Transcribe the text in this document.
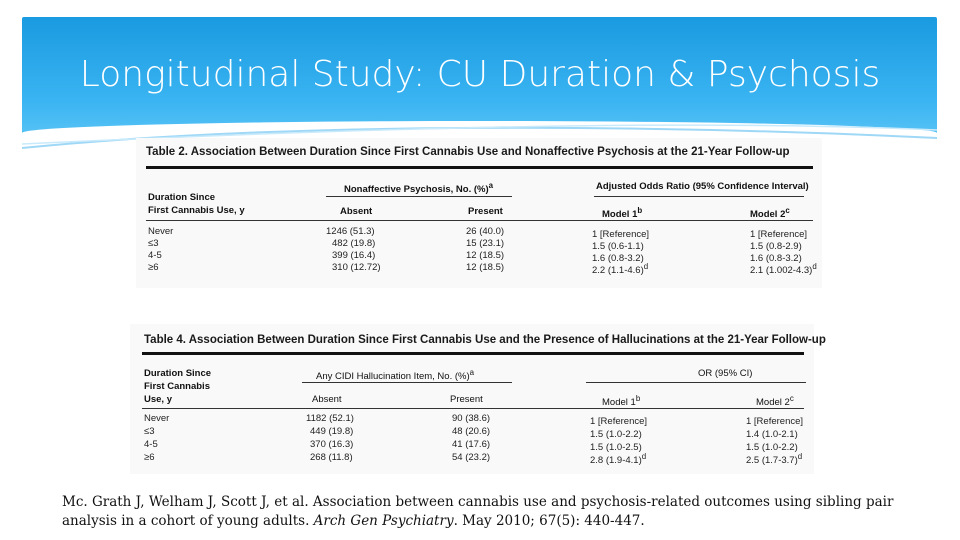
Longitudinal Study: CU Duration & Psychosis
Table 2. Association Between Duration Since First Cannabis Use and Nonaffective Psychosis at the 21-Year Follow-up
Duration Since
First Cannabis Use, y
Nonaffective Psychosis, No. (%)$^a$	Adjusted Odds Ratio (95% Confidence Interval)
Absent	Present	Model 1$^b$	Model 2$^c$
Never	1246 (51.3)	26 (40.0)	1 [Reference]	1 [Reference]
≤3	482 (19.8)	15 (23.1)	1.5 (0.6-1.1)	1.5 (0.8-2.9)
4-5	399 (16.4)	12 (18.5)	1.6 (0.8-3.2)	1.6 (0.8-3.2)
≥6	310 (12.72)	12 (18.5)	2.2 $(1.1-4.6)^d$	2.1 $(1.002-4.3)^d$
Table 4. Association Between Duration Since First Cannabis Use and the Presence of Hallucinations at the 21-Year Follow-up
Duration Since
First Cannabis
Use, y
Any CIDI Hallucination Item, No. (%)$^a$	OR (95% CI)
Absent	Present	Model 1$^b$	Model 2$^c$
Never	1182 (52.1)	90 (38.6)	1 [Reference]	1 [Reference]
≤3	449 (19.8)	48 (20.6)	1.5 (1.0-2.2)	1.4 (1.0-2.1)
4-5	370 (16.3)	41 (17.6)	1.5 (1.0-2.5)	1.5 (1.0-2.2)
≥6	268 (11.8)	54 (23.2)	2.8 $(1.9-4.1)^d$	2.5 $(1.7-3.7)^d$
Mc. Grath J, Welham J, Scott J, et al. Association between cannabis use and psychosis-related outcomes using sibling pair analysis in a cohort of young adults. Arch Gen Psychiatry. May 2010; 67(5): 440-447.
